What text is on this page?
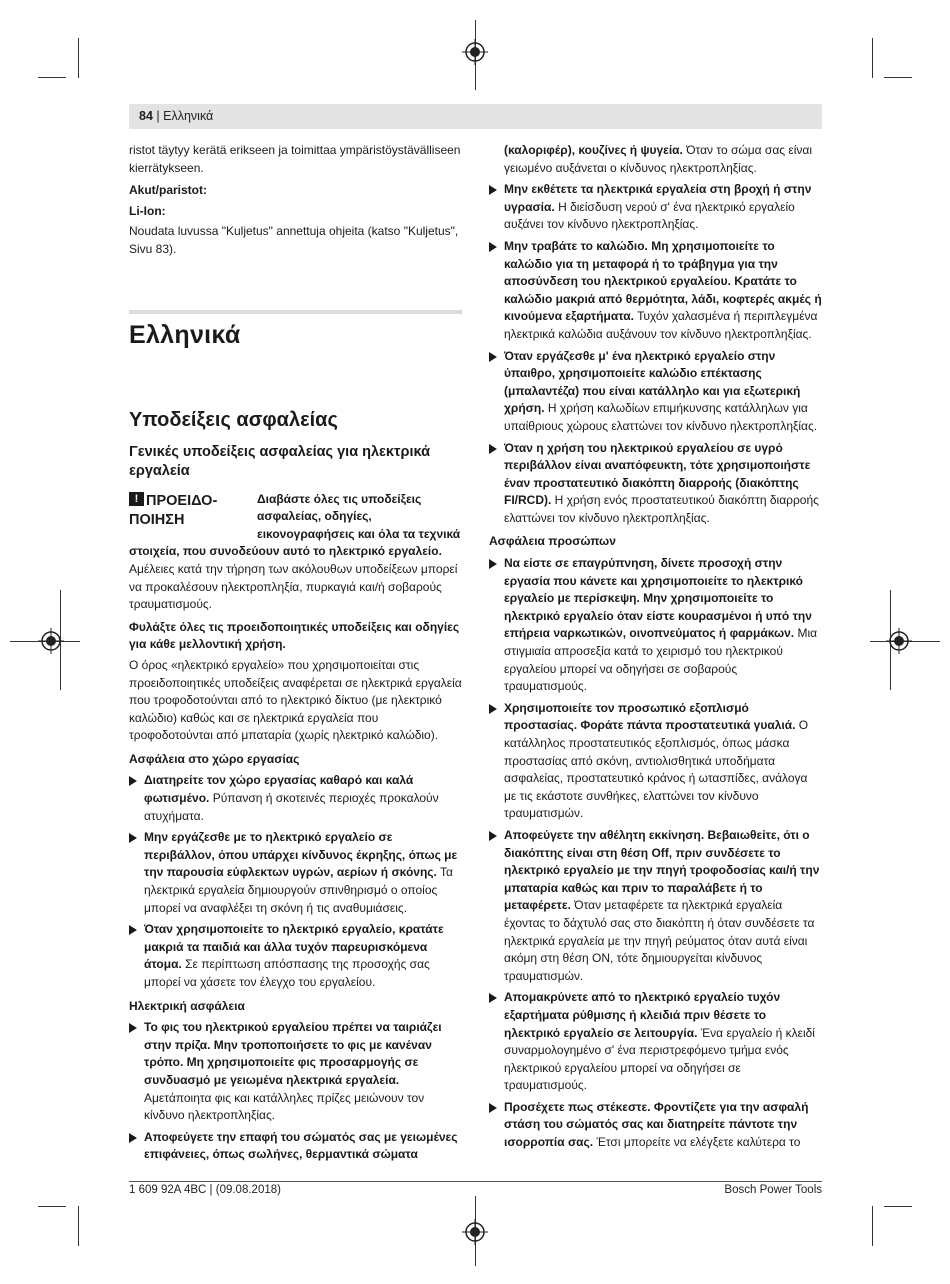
84 | Ελληνικά

ristot täytyy kerätä erikseen ja toimittaa ympäristöystävälliseen kierrätykseen.

Akut/paristot:

Li-Ion:

Noudata luvussa "Kuljetus" annettuja ohjeita (katso "Kuljetus", Sivu 83).

Ελληνικά
Υποδείξεις ασφαλείας
Γενικές υποδείξεις ασφαλείας για ηλεκτρικά εργαλεία
!ΠΡΟΕΙΔΟΠΟΙΗΣΗ
Διαβάστε όλες τις υποδείξεις ασφαλείας, οδηγίες, εικονογραφήσεις και όλα τα τεχνικά στοιχεία, που συνοδεύουν αυτό το ηλεκτρικό εργαλείο. Αμέλειες κατά την τήρηση των ακόλουθων υποδείξεων μπορεί να προκαλέσουν ηλεκτροπληξία, πυρκαγιά και/ή σοβαρούς τραυματισμούς.

Φυλάξτε όλες τις προειδοποιητικές υποδείξεις και οδηγίες για κάθε μελλοντική χρήση.

Ο όρος «ηλεκτρικό εργαλείο» που χρησιμοποιείται στις προειδοποιητικές υποδείξεις αναφέρεται σε ηλεκτρικά εργαλεία που τροφοδοτούνται από το ηλεκτρικό δίκτυο (με ηλεκτρικό καλώδιο) καθώς και σε ηλεκτρικά εργαλεία που τροφοδοτούνται από μπαταρία (χωρίς ηλεκτρικό καλώδιο).

Ασφάλεια στο χώρο εργασίας
Διατηρείτε τον χώρο εργασίας καθαρό και καλά φωτισμένο. Ρύπανση ή σκοτεινές περιοχές προκαλούν ατυχήματα.
Μην εργάζεσθε με το ηλεκτρικό εργαλείο σε περιβάλλον, όπου υπάρχει κίνδυνος έκρηξης, όπως με την παρουσία εύφλεκτων υγρών, αερίων ή σκόνης. Τα ηλεκτρικά εργαλεία δημιουργούν σπινθηρισμό ο οποίος μπορεί να αναφλέξει τη σκόνη ή τις αναθυμιάσεις.
Όταν χρησιμοποιείτε το ηλεκτρικό εργαλείο, κρατάτε μακριά τα παιδιά και άλλα τυχόν παρευρισκόμενα άτομα. Σε περίπτωση απόσπασης της προσοχής σας μπορεί να χάσετε τον έλεγχο του εργαλείου.
Ηλεκτρική ασφάλεια
Το φις του ηλεκτρικού εργαλείου πρέπει να ταιριάζει στην πρίζα. Μην τροποποιήσετε το φις με κανέναν τρόπο. Μη χρησιμοποιείτε φις προσαρμογής σε συνδυασμό με γειωμένα ηλεκτρικά εργαλεία. Αμετάποιητα φις και κατάλληλες πρίζες μειώνουν τον κίνδυνο ηλεκτροπληξίας.
Αποφεύγετε την επαφή του σώματός σας με γειωμένες επιφάνειες, όπως σωλήνες, θερμαντικά σώματα

(καλοριφέρ), κουζίνες ή ψυγεία. Όταν το σώμα σας είναι γειωμένο αυξάνεται ο κίνδυνος ηλεκτροπληξίας.

Μην εκθέτετε τα ηλεκτρικά εργαλεία στη βροχή ή στην υγρασία. Η διείσδυση νερού σ' ένα ηλεκτρικό εργαλείο αυξάνει τον κίνδυνο ηλεκτροπληξίας.
Μην τραβάτε το καλώδιο. Μη χρησιμοποιείτε το καλώδιο για τη μεταφορά ή το τράβηγμα για την αποσύνδεση του ηλεκτρικού εργαλείου. Κρατάτε το καλώδιο μακριά από θερμότητα, λάδι, κοφτερές ακμές ή κινούμενα εξαρτήματα. Τυχόν χαλασμένα ή περιπλεγμένα ηλεκτρικά καλώδια αυξάνουν τον κίνδυνο ηλεκτροπληξίας.
Όταν εργάζεσθε μ' ένα ηλεκτρικό εργαλείο στην ύπαιθρο, χρησιμοποιείτε καλώδιο επέκτασης (μπαλαντέζα) που είναι κατάλληλο και για εξωτερική χρήση. Η χρήση καλωδίων επιμήκυνσης κατάλληλων για υπαίθριους χώρους ελαττώνει τον κίνδυνο ηλεκτροπληξίας.
Όταν η χρήση του ηλεκτρικού εργαλείου σε υγρό περιβάλλον είναι αναπόφευκτη, τότε χρησιμοποιήστε έναν προστατευτικό διακόπτη διαρροής (διακόπτης FI/RCD). Η χρήση ενός προστατευτικού διακόπτη διαρροής ελαττώνει τον κίνδυνο ηλεκτροπληξίας.
Ασφάλεια προσώπων
Να είστε σε επαγρύπνηση, δίνετε προσοχή στην εργασία που κάνετε και χρησιμοποιείτε το ηλεκτρικό εργαλείο με περίσκεψη. Μην χρησιμοποιείτε το ηλεκτρικό εργαλείο όταν είστε κουρασμένοι ή υπό την επήρεια ναρκωτικών, οινοπνεύματος ή φαρμάκων. Μια στιγμιαία απροσεξία κατά το χειρισμό του ηλεκτρικού εργαλείου μπορεί να οδηγήσει σε σοβαρούς τραυματισμούς.
Χρησιμοποιείτε τον προσωπικό εξοπλισμό προστασίας. Φοράτε πάντα προστατευτικά γυαλιά. Ο κατάλληλος προστατευτικός εξοπλισμός, όπως μάσκα προστασίας από σκόνη, αντιολισθητικά υποδήματα ασφαλείας, προστατευτικό κράνος ή ωτασπίδες, ανάλογα με τις εκάστοτε συνθήκες, ελαττώνει τον κίνδυνο τραυματισμών.
Αποφεύγετε την αθέλητη εκκίνηση. Βεβαιωθείτε, ότι ο διακόπτης είναι στη θέση Off, πριν συνδέσετε το ηλεκτρικό εργαλείο με την πηγή τροφοδοσίας και/ή την μπαταρία καθώς και πριν το παραλάβετε ή το μεταφέρετε. Όταν μεταφέρετε τα ηλεκτρικά εργαλεία έχοντας το δάχτυλό σας στο διακόπτη ή όταν συνδέσετε τα ηλεκτρικά εργαλεία με την πηγή ρεύματος όταν αυτά είναι ακόμη στη θέση ON, τότε δημιουργείται κίνδυνος τραυματισμών.
Απομακρύνετε από το ηλεκτρικό εργαλείο τυχόν εξαρτήματα ρύθμισης ή κλειδιά πριν θέσετε το ηλεκτρικό εργαλείο σε λειτουργία. Ένα εργαλείο ή κλειδί συναρμολογημένο σ' ένα περιστρεφόμενο τμήμα ενός ηλεκτρικού εργαλείου μπορεί να οδηγήσει σε τραυματισμούς.
Προσέχετε πως στέκεστε. Φροντίζετε για την ασφαλή στάση του σώματός σας και διατηρείτε πάντοτε την ισορροπία σας. Έτσι μπορείτε να ελέγξετε καλύτερα το
1 609 92A 4BC | (09.08.2018)	Bosch Power Tools
